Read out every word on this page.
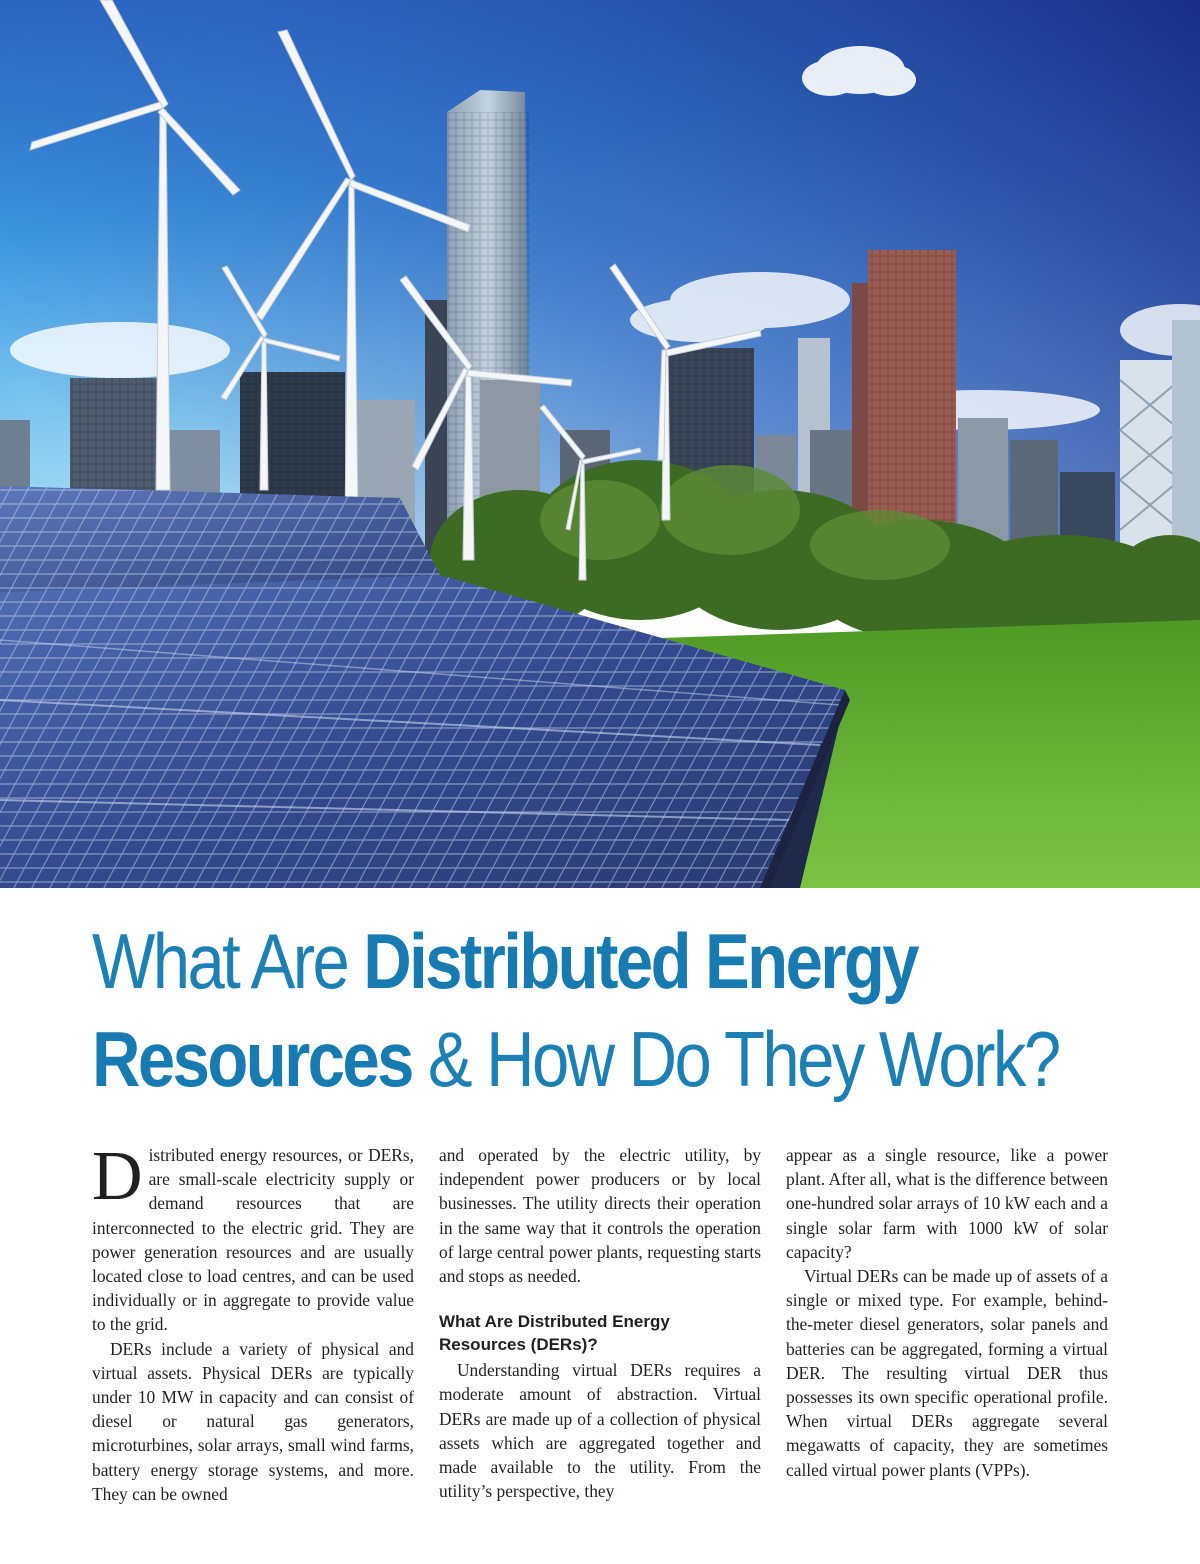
What Are Distributed Energy
Resources & How Do They Work?

Distributed energy resources, or DERs, are small-scale electricity supply or demand resources that are interconnected to the electric grid. They are power generation resources and are usually located close to load centres, and can be used individually or in aggregate to provide value to the grid.

DERs include a variety of physical and virtual assets. Physical DERs are typically under 10 MW in capacity and can consist of diesel or natural gas generators, microturbines, solar arrays, small wind farms, battery energy storage systems, and more. They can be owned

and operated by the electric utility, by independent power producers or by local businesses. The utility directs their operation in the same way that it controls the operation of large central power plants, requesting starts and stops as needed.

What Are Distributed Energy Resources (DERs)?

Understanding virtual DERs requires a moderate amount of abstraction. Virtual DERs are made up of a collection of physical assets which are aggregated together and made available to the utility. From the utility’s perspective, they

appear as a single resource, like a power plant. After all, what is the difference between one-hundred solar arrays of 10 kW each and a single solar farm with 1000 kW of solar capacity?

Virtual DERs can be made up of assets of a single or mixed type. For example, behind-the-meter diesel generators, solar panels and batteries can be aggregated, forming a virtual DER. The resulting virtual DER thus possesses its own specific operational profile. When virtual DERs aggregate several megawatts of capacity, they are sometimes called virtual power plants (VPPs).
